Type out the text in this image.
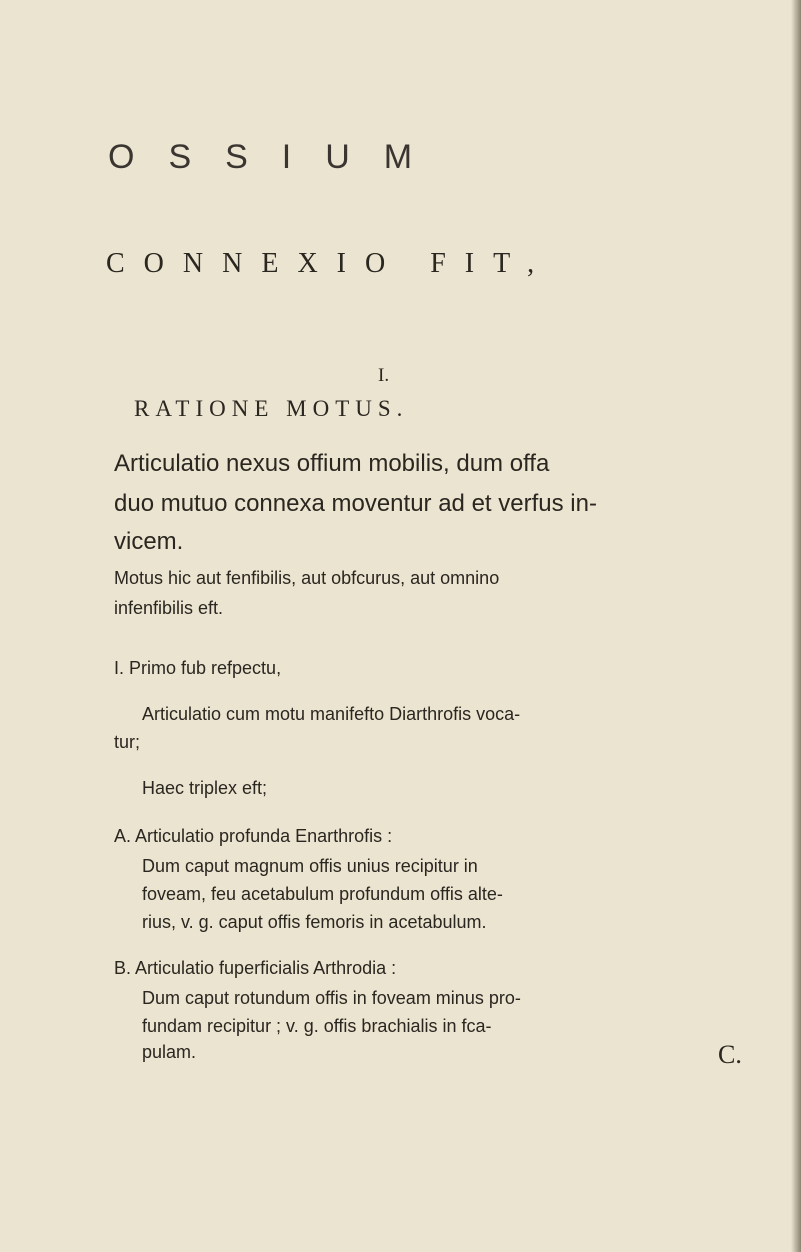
OSSIUM
CONNEXIO FIT,
I.
RATIONE MOTUS.
Articulatio nexus offium mobilis, dum offa
duo mutuo connexa moventur ad et verfus in-
vicem.
Motus hic aut fenfibilis, aut obfcurus, aut omnino
infenfibilis eft.
I. Primo fub refpectu,
Articulatio cum motu manifefto Diarthrofis voca-
tur;
Haec triplex eft;
A. Articulatio profunda Enarthrofis :
Dum caput magnum offis unius recipitur in
foveam, feu acetabulum profundum offis alte-
rius, v. g. caput offis femoris in acetabulum.
B. Articulatio fuperficialis Arthrodia :
Dum caput rotundum offis in foveam minus pro-
fundam recipitur ; v. g. offis brachialis in fca-
pulam.	C.
